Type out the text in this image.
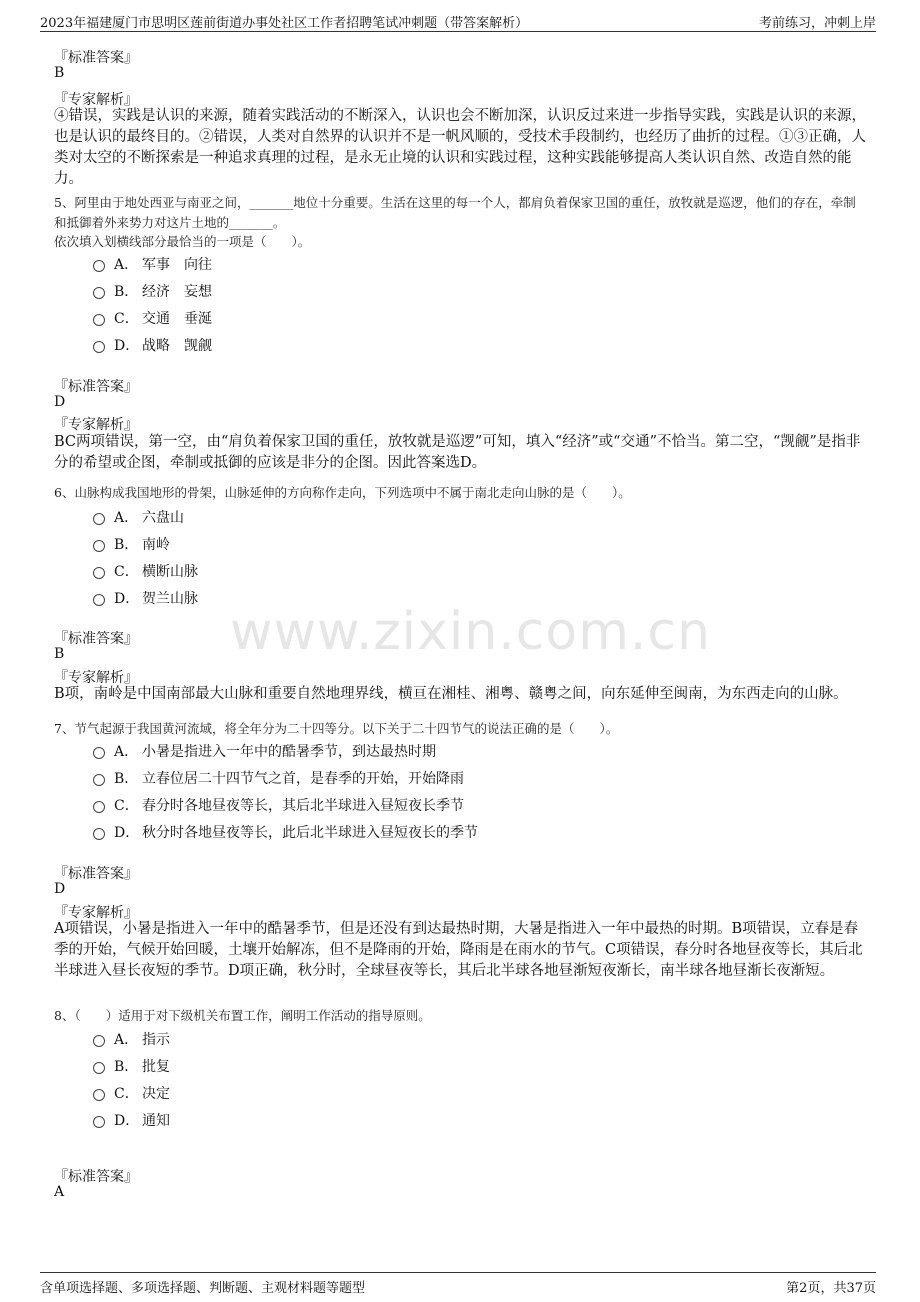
2023年福建厦门市思明区莲前街道办事处社区工作者招聘笔试冲刺题（带答案解析）	考前练习，冲刺上岸
www.zixin.com.cn
『标准答案』
B
『专家解析』
④错误，实践是认识的来源，随着实践活动的不断深入，认识也会不断加深，认识反过来进一步指导实践，实践是认识的来源，也是认识的最终目的。②错误，人类对自然界的认识并不是一帆风顺的，受技术手段制约，也经历了曲折的过程。①③正确，人类对太空的不断探索是一种追求真理的过程，是永无止境的认识和实践过程，这种实践能够提高人类认识自然、改造自然的能力。
5、阿里由于地处西亚与南亚之间，_______地位十分重要。生活在这里的每一个人，都肩负着保家卫国的重任，放牧就是巡逻，他们的存在，牵制和抵御着外来势力对这片土地的_______。
依次填入划横线部分最恰当的一项是（　　）。
A． 军事　向往
B． 经济　妄想
C． 交通　垂涎
D． 战略　觊觎
『标准答案』
D
『专家解析』
BC两项错误，第一空，由“肩负着保家卫国的重任，放牧就是巡逻”可知，填入“经济”或“交通”不恰当。第二空，“觊觎”是指非分的希望或企图，牵制或抵御的应该是非分的企图。因此答案选D。
6、山脉构成我国地形的骨架，山脉延伸的方向称作走向，下列选项中不属于南北走向山脉的是（　　）。
A． 六盘山
B． 南岭
C． 横断山脉
D． 贺兰山脉
『标准答案』
B
『专家解析』
B项，南岭是中国南部最大山脉和重要自然地理界线，横亘在湘桂、湘粤、赣粤之间，向东延伸至闽南，为东西走向的山脉。
7、节气起源于我国黄河流域，将全年分为二十四等分。以下关于二十四节气的说法正确的是（　　）。
A． 小暑是指进入一年中的酷暑季节，到达最热时期
B． 立春位居二十四节气之首，是春季的开始，开始降雨
C． 春分时各地昼夜等长，其后北半球进入昼短夜长季节
D． 秋分时各地昼夜等长，此后北半球进入昼短夜长的季节
『标准答案』
D
『专家解析』
A项错误，小暑是指进入一年中的酷暑季节，但是还没有到达最热时期，大暑是指进入一年中最热的时期。B项错误，立春是春季的开始，气候开始回暖，土壤开始解冻，但不是降雨的开始，降雨是在雨水的节气。C项错误，春分时各地昼夜等长，其后北半球进入昼长夜短的季节。D项正确，秋分时，全球昼夜等长，其后北半球各地昼渐短夜渐长，南半球各地昼渐长夜渐短。
8、（　　）适用于对下级机关布置工作，阐明工作活动的指导原则。
A． 指示
B． 批复
C． 决定
D． 通知
『标准答案』
A
含单项选择题、多项选择题、判断题、主观材料题等题型	第2页，共37页
